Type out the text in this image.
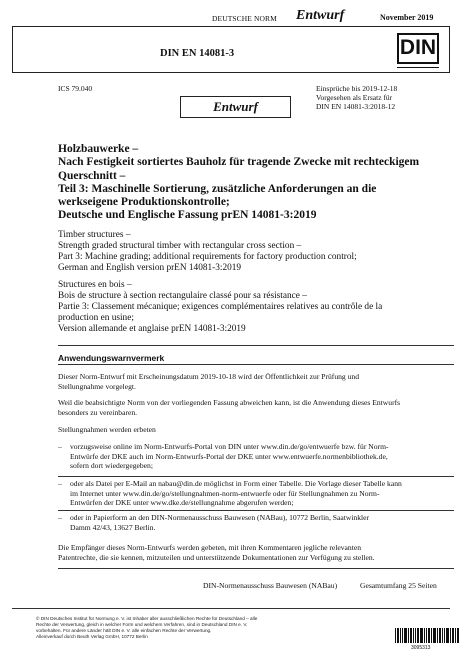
DEUTSCHE NORM Entwurf	November 2019
DIN EN 14081-3	DIN
ICS 79.040	Einsprüche bis 2019-12-18
Vorgesehen als Ersatz für
DIN EN 14081-3:2018-12
Entwurf
Holzbauwerke –
Nach Festigkeit sortiertes Bauholz für tragende Zwecke mit rechteckigem
Querschnitt –
Teil 3: Maschinelle Sortierung, zusätzliche Anforderungen an die
werkseigene Produktionskontrolle;
Deutsche und Englische Fassung prEN 14081-3:2019
Timber structures –
Strength graded structural timber with rectangular cross section –
Part 3: Machine grading; additional requirements for factory production control;
German and English version prEN 14081-3:2019
Structures en bois –
Bois de structure à section rectangulaire classé pour sa résistance –
Partie 3: Classement mécanique; exigences complémentaires relatives au contrôle de la
production en usine;
Version allemande et anglaise prEN 14081-3:2019
Anwendungswarnvermerk
Dieser Norm-Entwurf mit Erscheinungsdatum 2019-10-18 wird der Öffentlichkeit zur Prüfung und
Stellungnahme vorgelegt.
Weil die beabsichtigte Norm von der vorliegenden Fassung abweichen kann, ist die Anwendung dieses Entwurfs
besonders zu vereinbaren.
Stellungnahmen werden erbeten
– vorzugsweise online im Norm-Entwurfs-Portal von DIN unter www.din.de/go/entwuerfe bzw. für Norm-
Entwürfe der DKE auch im Norm-Entwurfs-Portal der DKE unter www.entwuerfe.normenbibliothek.de,
sofern dort wiedergegeben;
– oder als Datei per E-Mail an nabau@din.de möglichst in Form einer Tabelle. Die Vorlage dieser Tabelle kann
im Internet unter www.din.de/go/stellungnahmen-norm-entwuerfe oder für Stellungnahmen zu Norm-
Entwürfen der DKE unter www.dke.de/stellungnahme abgerufen werden;
– oder in Papierform an den DIN-Normenausschuss Bauwesen (NABau), 10772 Berlin, Saatwinkler
Damm 42/43, 13627 Berlin.
Die Empfänger dieses Norm-Entwurfs werden gebeten, mit ihren Kommentaren jegliche relevanten
Patentrechte, die sie kennen, mitzuteilen und unterstützende Dokumentationen zur Verfügung zu stellen.
DIN-Normenausschuss Bauwesen (NABau)	Gesamtumfang 25 Seiten
© DIN Deutsches Institut für Normung e. V. ist Inhaber aller ausschließlichen Rechte für Deutschland – alle
Rechte der Verwertung, gleich in welcher Form und welchem Verfahren, sind in Deutschland DIN e. V.
vorbehalten. Für andere Länder hält DIN e. V. alle einfachen Rechte der Verwertung.
Alleinverkauf durch Beuth Verlag GmbH, 10772 Berlin
3095313
